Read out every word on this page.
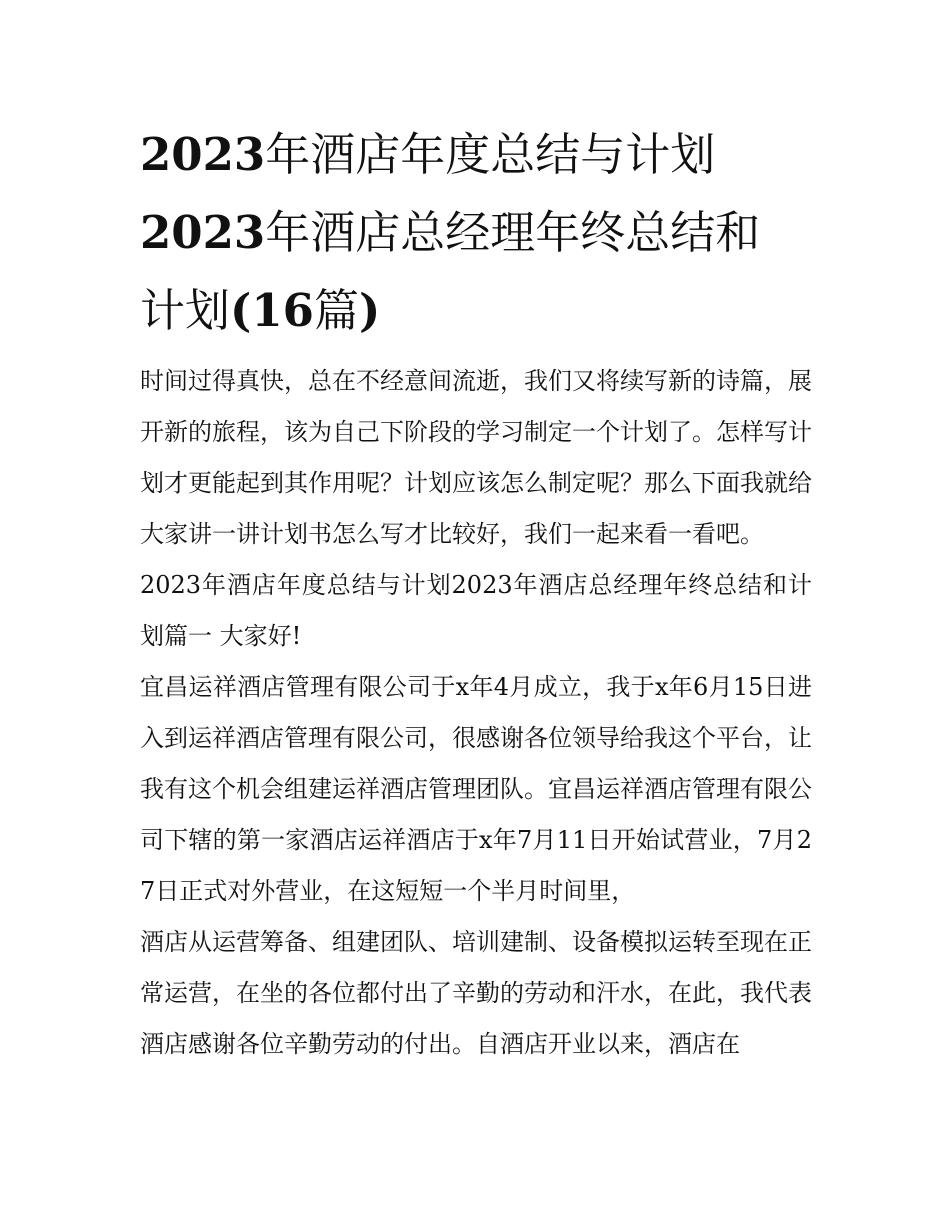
2023年酒店年度总结与计划
2023年酒店总经理年终总结和
计划(16篇)

时间过得真快，总在不经意间流逝，我们又将续写新的诗篇，展开新的旅程，该为自己下阶段的学习制定一个计划了。怎样写计划才更能起到其作用呢？计划应该怎么制定呢？那么下面我就给大家讲一讲计划书怎么写才比较好，我们一起来看一看吧。

2023年酒店年度总结与计划2023年酒店总经理年终总结和计划篇一 大家好!

宜昌运祥酒店管理有限公司于x年4月成立，我于x年6月15日进入到运祥酒店管理有限公司，很感谢各位领导给我这个平台，让我有这个机会组建运祥酒店管理团队。宜昌运祥酒店管理有限公司下辖的第一家酒店运祥酒店于x年7月11日开始试营业，7月27日正式对外营业，在这短短一个半月时间里，

酒店从运营筹备、组建团队、培训建制、设备模拟运转至现在正常运营，在坐的各位都付出了辛勤的劳动和汗水，在此，我代表酒店感谢各位辛勤劳动的付出。自酒店开业以来，酒店在
